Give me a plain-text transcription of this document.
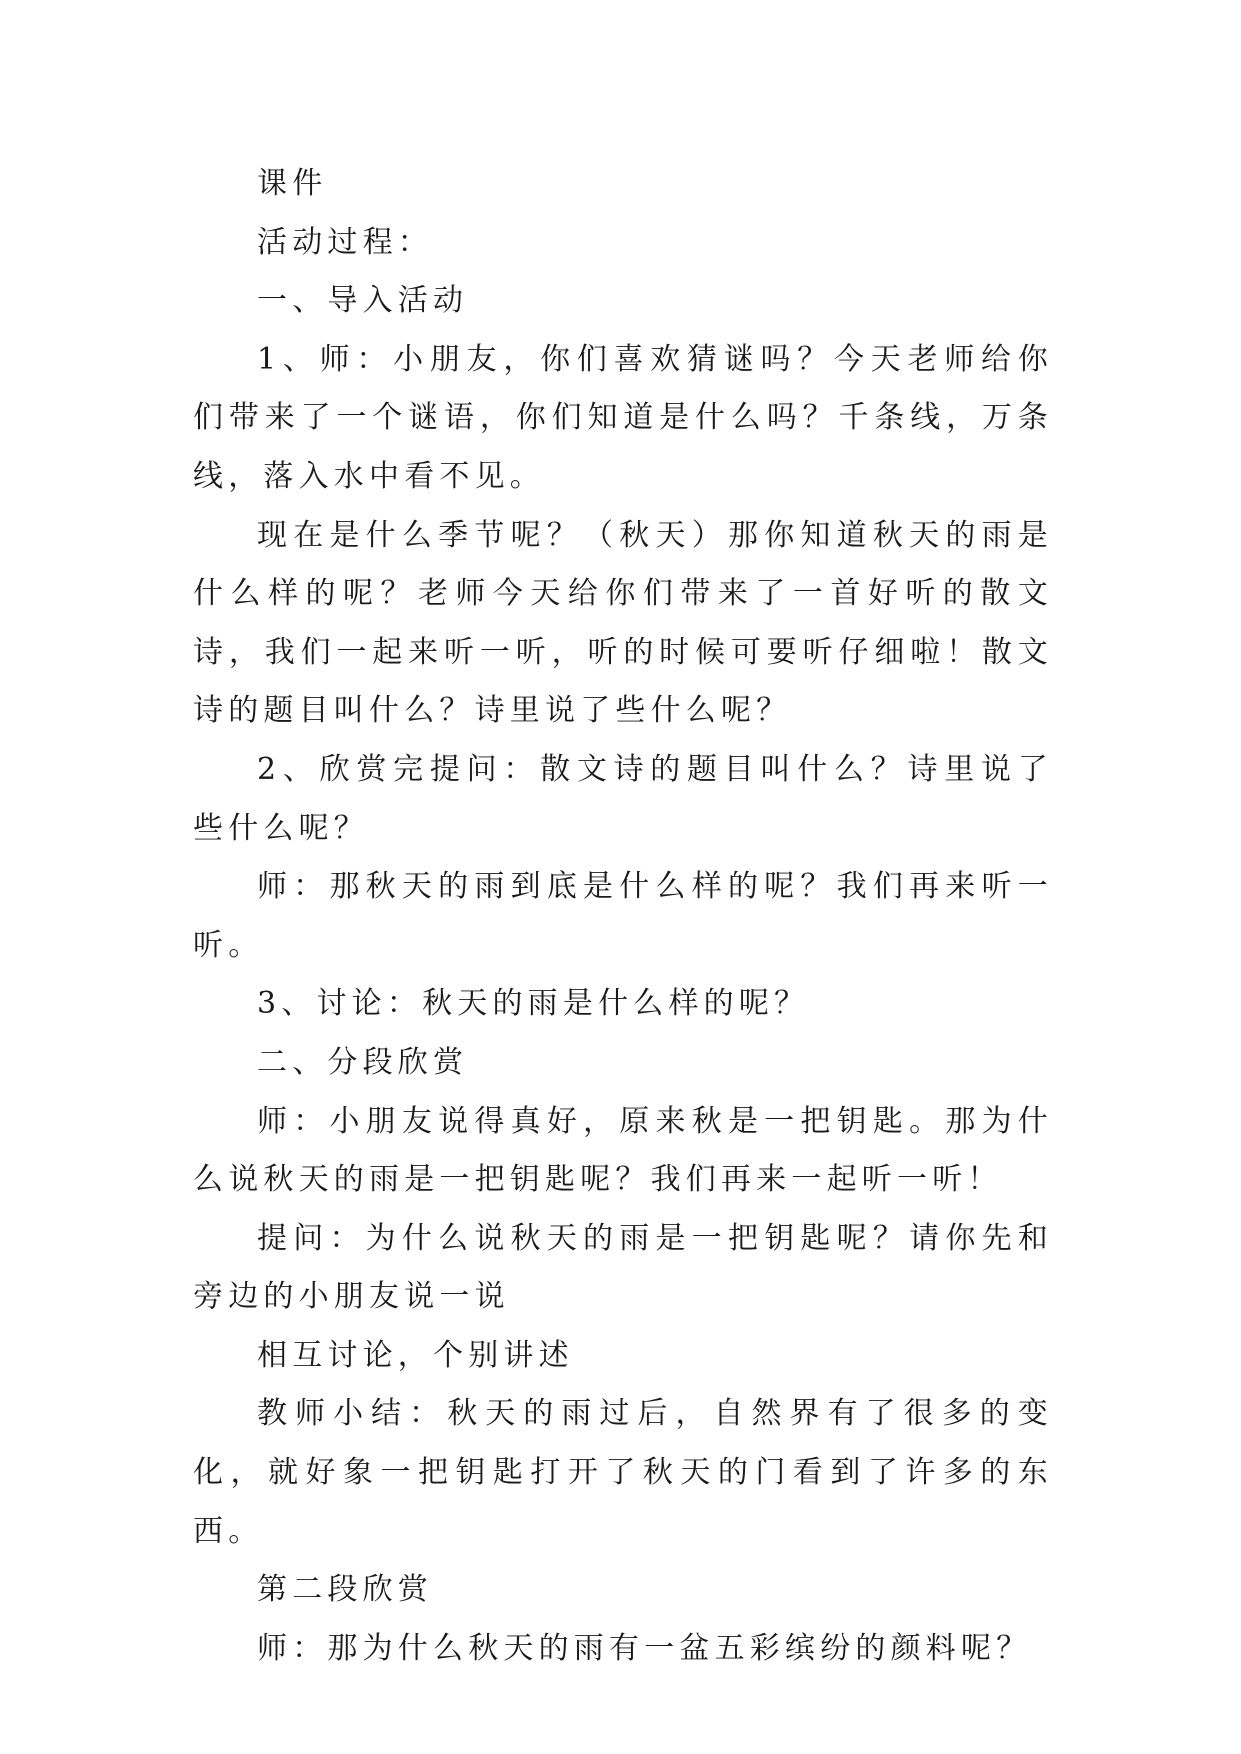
课件

活动过程：

一、导入活动

1、师：小朋友，你们喜欢猜谜吗？今天老师给你们带来了一个谜语，你们知道是什么吗？千条线，万条线，落入水中看不见。

现在是什么季节呢？（秋天）那你知道秋天的雨是什么样的呢？老师今天给你们带来了一首好听的散文诗，我们一起来听一听，听的时候可要听仔细啦！散文诗的题目叫什么？诗里说了些什么呢？

2、欣赏完提问：散文诗的题目叫什么？诗里说了些什么呢？

师：那秋天的雨到底是什么样的呢？我们再来听一听。

3、讨论：秋天的雨是什么样的呢？

二、分段欣赏

师：小朋友说得真好，原来秋是一把钥匙。那为什么说秋天的雨是一把钥匙呢？我们再来一起听一听！

提问：为什么说秋天的雨是一把钥匙呢？请你先和旁边的小朋友说一说

相互讨论，个别讲述

教师小结：秋天的雨过后，自然界有了很多的变化，就好象一把钥匙打开了秋天的门看到了许多的东西。

第二段欣赏

师：那为什么秋天的雨有一盆五彩缤纷的颜料呢？
